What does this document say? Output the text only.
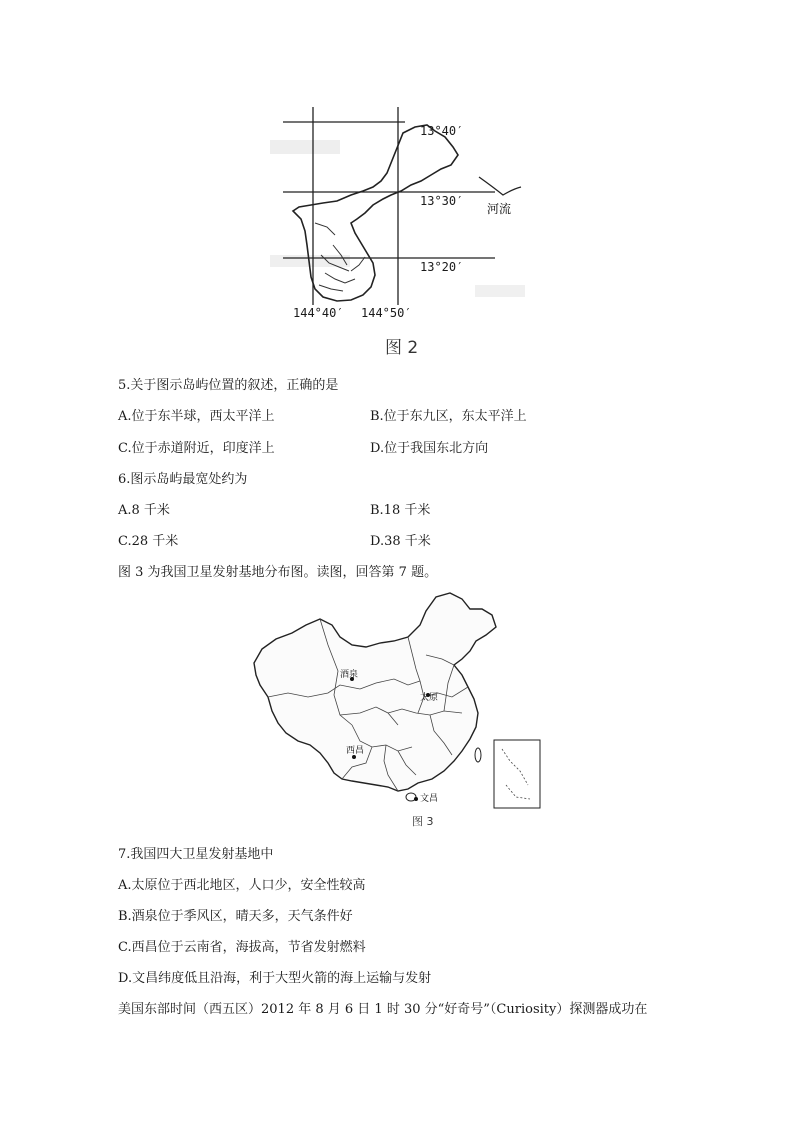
13°40′
13°30′
13°20′
144°40′ 144°50′
河流
图 2
5.关于图示岛屿位置的叙述，正确的是
A.位于东半球，西太平洋上	B.位于东九区，东太平洋上
C.位于赤道附近，印度洋上	D.位于我国东北方向
6.图示岛屿最宽处约为
A.8 千米	B.18 千米
C.28 千米	D.38 千米
图 3 为我国卫星发射基地分布图。读图，回答第 7 题。
酒泉
太原
西昌
文昌
图 3
7.我国四大卫星发射基地中
A.太原位于西北地区，人口少，安全性较高
B.酒泉位于季风区，晴天多，天气条件好
C.西昌位于云南省，海拔高，节省发射燃料
D.文昌纬度低且沿海，利于大型火箭的海上运输与发射
美国东部时间（西五区）2012 年 8 月 6 日 1 时 30 分“好奇号”（Curiosity）探测器成功在
